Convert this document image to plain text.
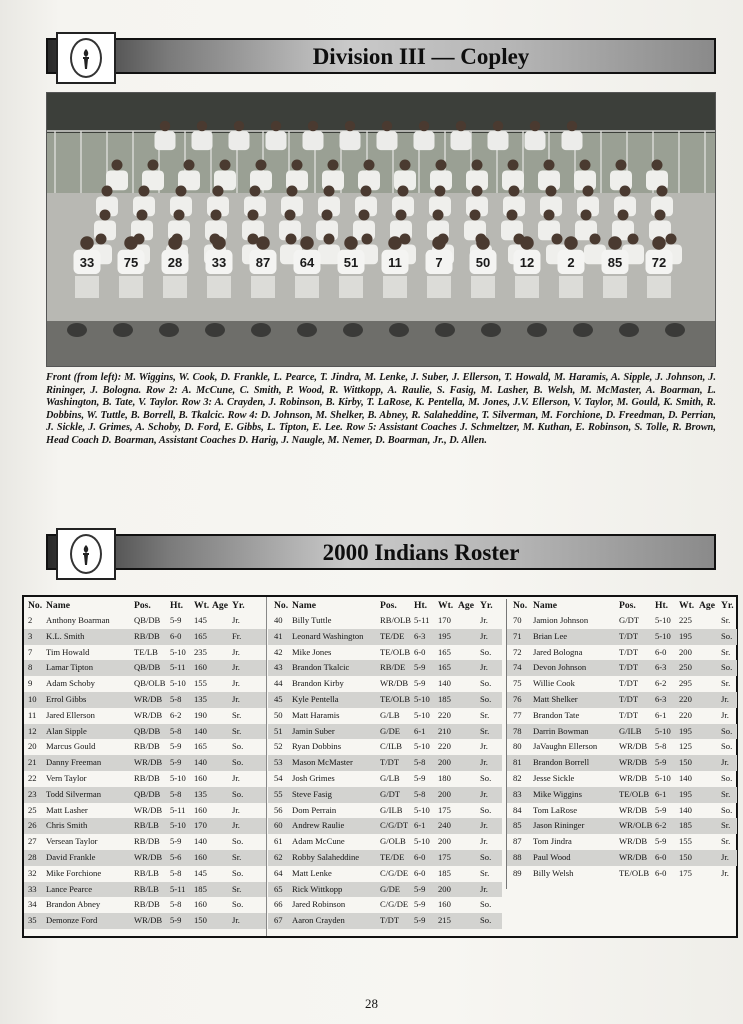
Division III — Copley
33 75 28 33 87 64 51 11	7	50 12	2	85 72
Front (from left): M. Wiggins, W. Cook, D. Frankle, L. Pearce, T. Jindra, M. Lenke, J. Suber, J. Ellerson, T. Howald, M. Haramis, A. Sipple, J. Johnson, J. Rininger, J. Bologna. Row 2: A. McCune, C. Smith, P. Wood, R. Wittkopp, A. Raulie, S. Fasig, M. Lasher, B. Welsh, M. McMaster, A. Boarman, L. Washington, B. Tate, V. Taylor. Row 3: A. Crayden, J. Robinson, B. Kirby, T. LaRose, K. Pentella, M. Jones, J.V. Ellerson, V. Taylor, M. Gould, K. Smith, R. Dobbins, W. Tuttle, B. Borrell, B. Tkalcic. Row 4: D. Johnson, M. Shelker, B. Abney, R. Salaheddine, T. Silverman, M. Forchione, D. Freedman, D. Perrian, J. Sickle, J. Grimes, A. Schoby, D. Ford, E. Gibbs, L. Tipton, E. Lee. Row 5: Assistant Coaches J. Schmeltzer, M. Kuthan, E. Robinson, S. Tolle, R. Brown, Head Coach D. Boarman, Assistant Coaches D. Harig, J. Naugle, M. Nemer, D. Boarman, Jr., D. Allen.
2000 Indians Roster
No. Name	Pos. Ht. Wt. Age Yr.
2 Anthony Boarman	QB/DB 5-9 145	Jr.
3 K.L. Smith	RB/DB 6-0 165	Fr.
7 Tim Howald	TE/LB 5-10 235	Jr.
8 Lamar Tipton	QB/DB 5-11 160	Jr.
9 Adam Schoby	QB/OLB 5-10 155	Jr.
10 Errol Gibbs	WR/DB 5-8 135	Jr.
11 Jared Ellerson	WR/DB 6-2 190	Sr.
12 Alan Sipple	QB/DB 5-8 140	Sr.
20 Marcus Gould	RB/DB 5-9 165	So.
21 Danny Freeman	WR/DB 5-9 140	So.
22 Vern Taylor	RB/DB 5-10 160	Jr.
23 Todd Silverman	QB/DB 5-8 135	So.
25 Matt Lasher	WR/DB 5-11 160	Jr.
26 Chris Smith	RB/LB 5-10 170	Jr.
27 Versean Taylor	RB/DB 5-9 140	So.
28 David Frankle	WR/DB 5-6 160	Sr.
32 Mike Forchione	RB/LB 5-8 145	So.
33 Lance Pearce	RB/LB 5-11 185	Sr.
34 Brandon Abney	RB/DB 5-8 160	So.
35 Demonze Ford	WR/DB 5-9 150	Jr.
No. Name	Pos. Ht. Wt. Age Yr.
40 Billy Tuttle	RB/OLB 5-11 170	Jr.
41 Leonard Washington TE/DE 6-3 195	Jr.
42 Mike Jones	TE/OLB 6-0 165	So.
43 Brandon Tkalcic	RB/DE 5-9 165	Jr.
44 Brandon Kirby	WR/DB 5-9 140	So.
45 Kyle Pentella	TE/OLB 5-10 185	So.
50 Matt Haramis	G/LB 5-10 220	Sr.
51 Jamin Suber	G/DE 6-1 210	Sr.
52 Ryan Dobbins	C/ILB 5-10 220	Jr.
53 Mason McMaster	T/DT 5-8 200	Jr.
54 Josh Grimes	G/LB 5-9 180	So.
55 Steve Fasig	G/DT 5-8 200	Jr.
56 Dom Perrain	G/ILB 5-10 175	So.
60 Andrew Raulie	C/G/DT 6-1 240	Jr.
61 Adam McCune	G/OLB 5-10 200	Jr.
62 Robby Salaheddine TE/DE 6-0 175	So.
64 Matt Lenke	C/G/DE 6-0 185	Sr.
65 Rick Wittkopp	G/DE 5-9 200	Jr.
66 Jared Robinson	C/G/DE 5-9 160	So.
67 Aaron Crayden	T/DT 5-9 215	So.
No. Name	Pos. Ht. Wt. Age Yr.
70 Jamion Johnson	G/DT 5-10 225	Sr.
71 Brian Lee	T/DT 5-10 195	So.
72 Jared Bologna	T/DT 6-0 200	Sr.
74 Devon Johnson	T/DT 6-3 250	So.
75 Willie Cook	T/DT 6-2 295	Sr.
76 Matt Shelker	T/DT 6-3 220	Jr.
77 Brandon Tate	T/DT 6-1 220	Jr.
78 Darrin Bowman	G/ILB 5-10 195	So.
80 JaVaughn Ellerson	WR/DB 5-8 125	So.
81 Brandon Borrell	WR/DB 5-9 150	Jr.
82 Jesse Sickle	WR/DB 5-10 140	So.
83 Mike Wiggins	TE/OLB 6-1 195	Sr.
84 Tom LaRose	WR/DB 5-9 140	So.
85 Jason Rininger	WR/OLB 6-2 185	Sr.
87 Tom Jindra	WR/DB 5-9 155	Sr.
88 Paul Wood	WR/DB 6-0 150	Jr.
89 Billy Welsh	TE/OLB 6-0 175	Jr.
28
